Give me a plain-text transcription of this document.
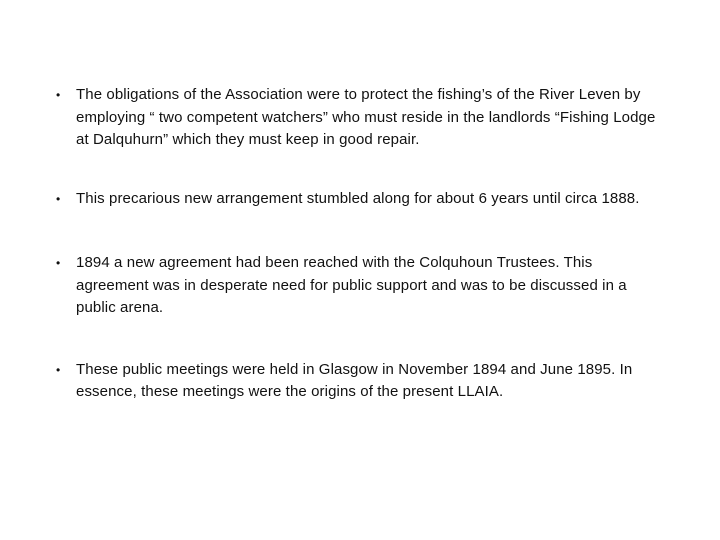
• The obligations of the Association were to protect the fishing’s of the River Leven by employing “ two competent watchers” who must reside in the landlords “Fishing Lodge at Dalquhurn” which they must keep in good repair.
• This precarious new arrangement stumbled along for about 6 years until circa 1888.
• 1894 a new agreement had been reached with the Colquhoun Trustees. This agreement was in desperate need for public support and was to be discussed in a public arena.
• These public meetings were held in Glasgow in November 1894 and June 1895. In essence, these meetings were the origins of the present LLAIA.
